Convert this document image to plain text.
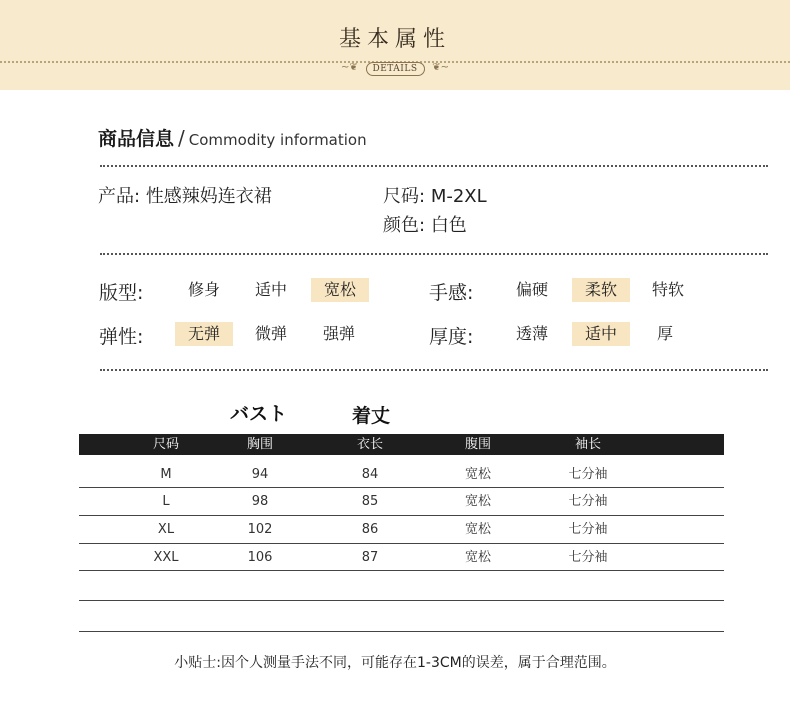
基本属性
~❦ DETAILS ❦~
商品信息 / Commodity information
产品: 性感辣妈连衣裙	尺码: M-2XL
颜色: 白色
版型:	修身	适中	宽松	手感:	偏硬	柔软	特软
弹性:	无弹	微弹	强弹	厚度:	透薄	适中	厚
バスト	着丈
尺码	胸围	衣长	腹围	袖长
M	94	84	宽松	七分袖
L	98	85	宽松	七分袖
XL	102	86	宽松	七分袖
XXL	106	87	宽松	七分袖
小贴士:因个人测量手法不同，可能存在1-3CM的误差，属于合理范围。
